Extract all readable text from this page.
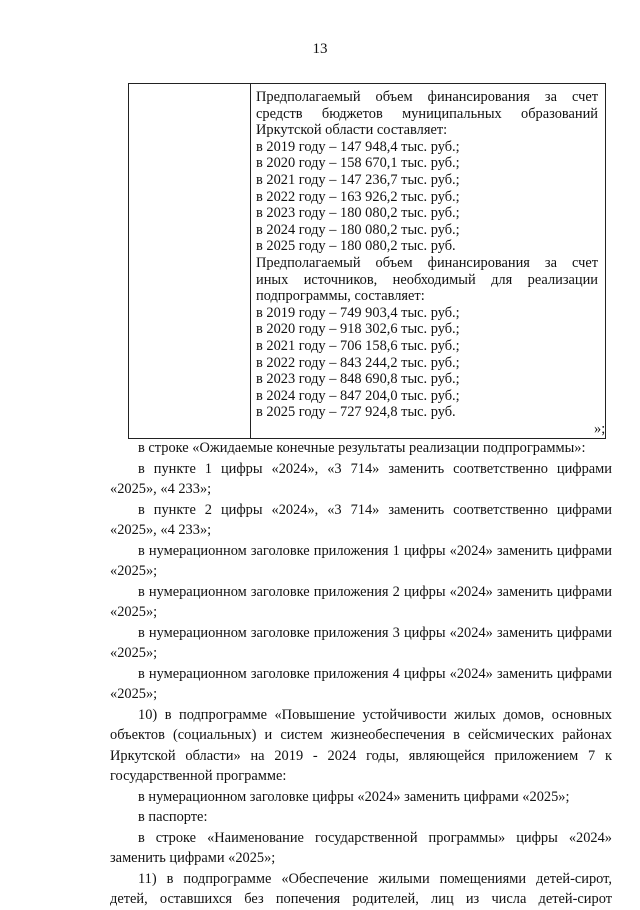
13

Предполагаемый объем финансирования за счет
средств бюджетов муниципальных образований
Иркутской области составляет:
в 2019 году – 147 948,4 тыс. руб.;
в 2020 году – 158 670,1 тыс. руб.;
в 2021 году – 147 236,7 тыс. руб.;
в 2022 году – 163 926,2 тыс. руб.;
в 2023 году – 180 080,2 тыс. руб.;
в 2024 году – 180 080,2 тыс. руб.;
в 2025 году – 180 080,2 тыс. руб.
Предполагаемый объем финансирования за счет
иных источников, необходимый для реализации
подпрограммы, составляет:
в 2019 году – 749 903,4 тыс. руб.;
в 2020 году – 918 302,6 тыс. руб.;
в 2021 году – 706 158,6 тыс. руб.;
в 2022 году – 843 244,2 тыс. руб.;
в 2023 году – 848 690,8 тыс. руб.;
в 2024 году – 847 204,0 тыс. руб.;
в 2025 году – 727 924,8 тыс. руб.
»;

в строке «Ожидаемые конечные результаты реализации подпрограммы»:

в пункте 1 цифры «2024», «3 714» заменить соответственно цифрами «2025», «4 233»;

в пункте 2 цифры «2024», «3 714» заменить соответственно цифрами «2025», «4 233»;

в нумерационном заголовке приложения 1 цифры «2024» заменить цифрами «2025»;

в нумерационном заголовке приложения 2 цифры «2024» заменить цифрами «2025»;

в нумерационном заголовке приложения 3 цифры «2024» заменить цифрами «2025»;

в нумерационном заголовке приложения 4 цифры «2024» заменить цифрами «2025»;

10) в подпрограмме «Повышение устойчивости жилых домов, основных объектов (социальных) и систем жизнеобеспечения в сейсмических районах Иркутской области» на 2019 - 2024 годы, являющейся приложением 7 к государственной программе:

в нумерационном заголовке цифры «2024» заменить цифрами «2025»;

в паспорте:

в строке «Наименование государственной программы» цифры «2024» заменить цифрами «2025»;

11) в подпрограмме «Обеспечение жилыми помещениями детей-сирот, детей, оставшихся без попечения родителей, лиц из числа детей-сирот
